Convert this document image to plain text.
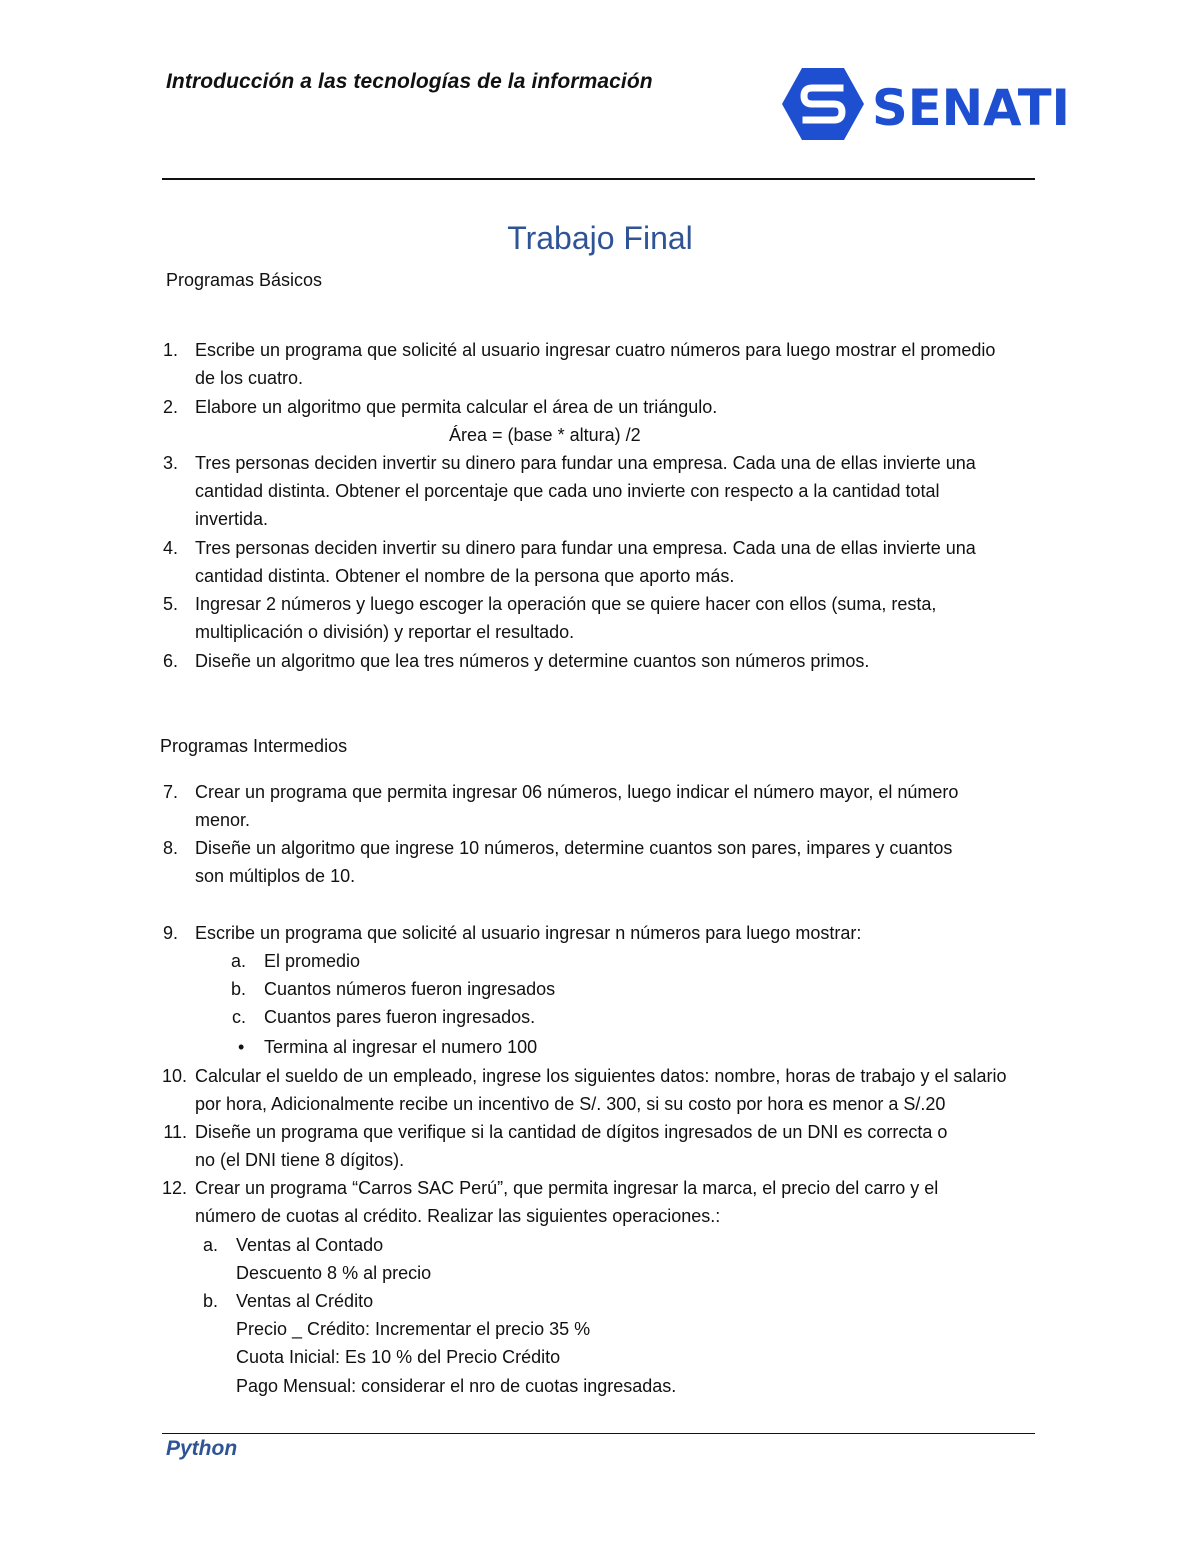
Introducción a las tecnologías de la información	SENATI
Trabajo Final
Programas Básicos
1. Escribe un programa que solicité al usuario ingresar cuatro números para luego mostrar el promedio
de los cuatro.
2. Elabore un algoritmo que permita calcular el área de un triángulo.
Área = (base * altura) /2
3. Tres personas deciden invertir su dinero para fundar una empresa. Cada una de ellas invierte una
cantidad distinta. Obtener el porcentaje que cada uno invierte con respecto a la cantidad total
invertida.
4. Tres personas deciden invertir su dinero para fundar una empresa. Cada una de ellas invierte una
cantidad distinta. Obtener el nombre de la persona que aporto más.
5. Ingresar 2 números y luego escoger la operación que se quiere hacer con ellos (suma, resta,
multiplicación o división) y reportar el resultado.
6. Diseñe un algoritmo que lea tres números y determine cuantos son números primos.
Programas Intermedios
7. Crear un programa que permita ingresar 06 números, luego indicar el número mayor, el número
menor.
8. Diseñe un algoritmo que ingrese 10 números, determine cuantos son pares, impares y cuantos
son múltiplos de 10.
9. Escribe un programa que solicité al usuario ingresar n números para luego mostrar:
a. El promedio
b. Cuantos números fueron ingresados
c. Cuantos pares fueron ingresados.
• Termina al ingresar el numero 100
10. Calcular el sueldo de un empleado, ingrese los siguientes datos: nombre, horas de trabajo y el salario
por hora, Adicionalmente recibe un incentivo de S/. 300, si su costo por hora es menor a S/.20
11. Diseñe un programa que verifique si la cantidad de dígitos ingresados de un DNI es correcta o
no (el DNI tiene 8 dígitos).
12. Crear un programa “Carros SAC Perú”, que permita ingresar la marca, el precio del carro y el
número de cuotas al crédito. Realizar las siguientes operaciones.:
a. Ventas al Contado
Descuento 8 % al precio
b. Ventas al Crédito
Precio _ Crédito: Incrementar el precio 35 %
Cuota Inicial: Es 10 % del Precio Crédito
Pago Mensual: considerar el nro de cuotas ingresadas.

Python
